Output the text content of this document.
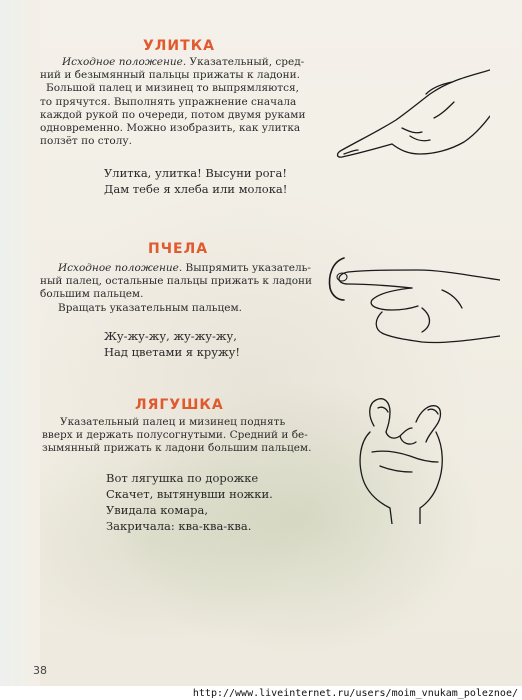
УЛИТКА
Исходное положение. Указательный, сред-
ний и безымянный пальцы прижаты к ладони.
Большой палец и мизинец то выпрямляются,
то прячутся. Выполнять упражнение сначала
каждой рукой по очереди, потом двумя руками
одновременно. Можно изобразить, как улитка
ползёт по столу.
Улитка, улитка! Высуни рога!
Дам тебе я хлеба или молока!
ПЧЕЛА
Исходное положение. Выпрямить указатель-
ный палец, остальные пальцы прижать к ладони
большим пальцем.
Вращать указательным пальцем.
Жу-жу-жу, жу-жу-жу,
Над цветами я кружу!
ЛЯГУШКА
Указательный палец и мизинец поднять
вверх и держать полусогнутыми. Средний и бе-
зымянный прижать к ладони большим пальцем.
Вот лягушка по дорожке
Скачет, вытянувши ножки.
Увидала комара,
Закричала: ква-ква-ква.
38
http://www.liveinternet.ru/users/moim_vnukam_poleznoe/
